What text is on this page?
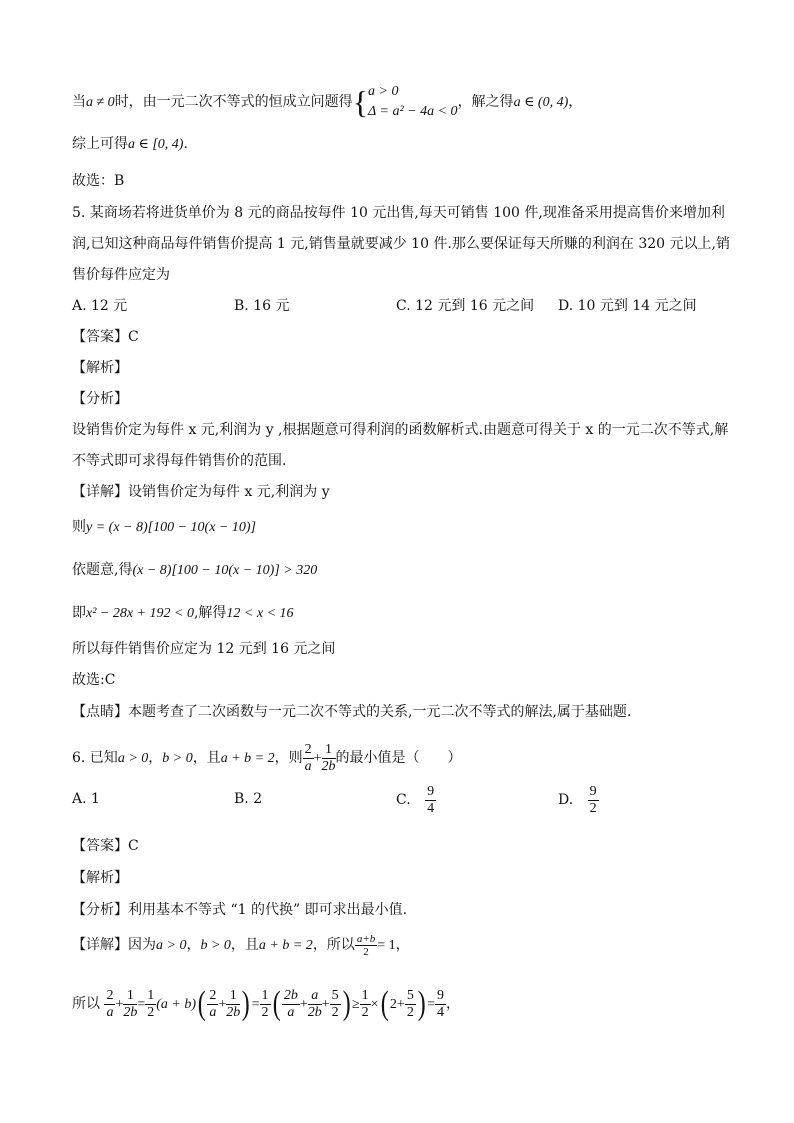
当a ≠ 0时，由一元二次不等式的恒成立问题得{ a > 0
Δ = a² − 4a < 0
，解之得a ∈ (0, 4)，
综上可得a ∈ [0, 4).
故选：B
5. 某商场若将进货单价为 8 元的商品按每件 10 元出售,每天可销售 100 件,现准备采用提高售价来增加利
润,已知这种商品每件销售价提高 1 元,销售量就要减少 10 件.那么要保证每天所赚的利润在 320 元以上,销
售价每件应定为
A. 12 元	B. 16 元	C. 12 元到 16 元之间 D. 10 元到 14 元之间
【答案】C
【解析】
【分析】
设销售价定为每件 x 元,利润为 y ,根据题意可得利润的函数解析式.由题意可得关于 x 的一元二次不等式,解
不等式即可求得每件销售价的范围.
【详解】设销售价定为每件 x 元,利润为 y
则y = (x − 8)[100 − 10(x − 10)]
依题意,得(x − 8)[100 − 10(x − 10)] > 320
即x² − 28x + 192 < 0,解得12 < x < 16
所以每件销售价应定为 12 元到 16 元之间
故选:C
【点睛】本题考查了二次函数与一元二次不等式的关系,一元二次不等式的解法,属于基础题.
6. 已知a > 0，b > 0，且a + b = 2，则 $\frac{2}{a} + \frac{1}{2b}$ 的最小值是（　　）
A. 1	B. 2	C. $\frac{9}{4}$	D. $\frac{9}{2}$
【答案】C
【解析】
【分析】利用基本不等式 “1 的代换” 即可求出最小值.
【详解】因为a > 0，b > 0，且a + b = 2，所以 $\frac{a+b}{2} = 1$，
所以 $\frac{2}{a} + \frac{1}{2b} = \frac{1}{2} (a + b)( \frac{2}{a} + \frac{1}{2b}$ ) = $\frac{1}{2}$ ( $\frac{2b}{a} + \frac{a}{2b} + \frac{5}{2}$ ) ≥ $\frac{1}{2}$ ×( $2+ \frac{5}{2}$ ) = $\frac{9}{4}$ ，
